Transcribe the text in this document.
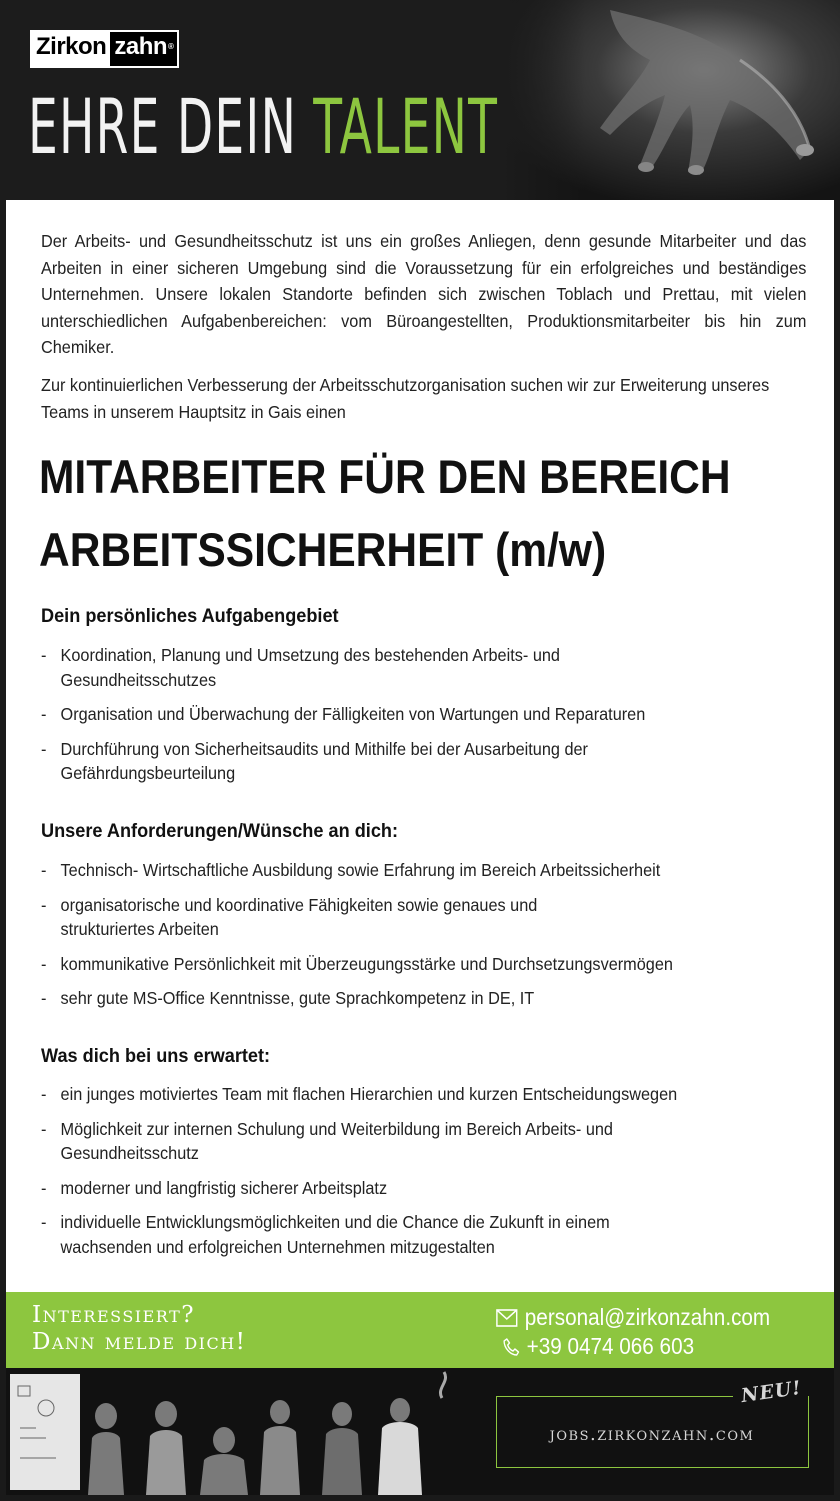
Zirkon zahn®
EHRE DEIN TALENT

Der Arbeits- und Gesundheitsschutz ist uns ein großes Anliegen, denn gesunde Mitarbeiter und das Arbeiten in einer sicheren Umgebung sind die Voraussetzung für ein erfolgreiches und beständiges Unternehmen. Unsere lokalen Standorte befinden sich zwischen Toblach und Prettau, mit vielen unterschiedlichen Aufgabenbereichen: vom Büroangestellten, Produktionsmitarbeiter bis hin zum Chemiker.

Zur kontinuierlichen Verbesserung der Arbeitsschutzorganisation suchen wir zur Erweiterung unseres Teams in unserem Hauptsitz in Gais einen

MITARBEITER FÜR DEN BEREICH
ARBEITSSICHERHEIT (m/w)
Dein persönliches Aufgabengebiet
- Koordination, Planung und Umsetzung des bestehenden Arbeits- und Gesundheitsschutzes
- Organisation und Überwachung der Fälligkeiten von Wartungen und Reparaturen
- Durchführung von Sicherheitsaudits und Mithilfe bei der Ausarbeitung der Gefährdungsbeurteilung
Unsere Anforderungen/Wünsche an dich:
- Technisch- Wirtschaftliche Ausbildung sowie Erfahrung im Bereich Arbeitssicherheit
- organisatorische und koordinative Fähigkeiten sowie genaues und strukturiertes Arbeiten
- kommunikative Persönlichkeit mit Überzeugungsstärke und Durchsetzungsvermögen
- sehr gute MS-Office Kenntnisse, gute Sprachkompetenz in DE, IT
Was dich bei uns erwartet:
- ein junges motiviertes Team mit flachen Hierarchien und kurzen Entscheidungswegen
- Möglichkeit zur internen Schulung und Weiterbildung im Bereich Arbeits- und Gesundheitsschutz
- moderner und langfristig sicherer Arbeitsplatz
- individuelle Entwicklungsmöglichkeiten und die Chance die Zukunft in einem wachsenden und erfolgreichen Unternehmen mitzugestalten
Interessiert?
Dann melde dich!
personal@zirkonzahn.com
+39 0474 066 603
NEU!
jobs.zirkonzahn.com
